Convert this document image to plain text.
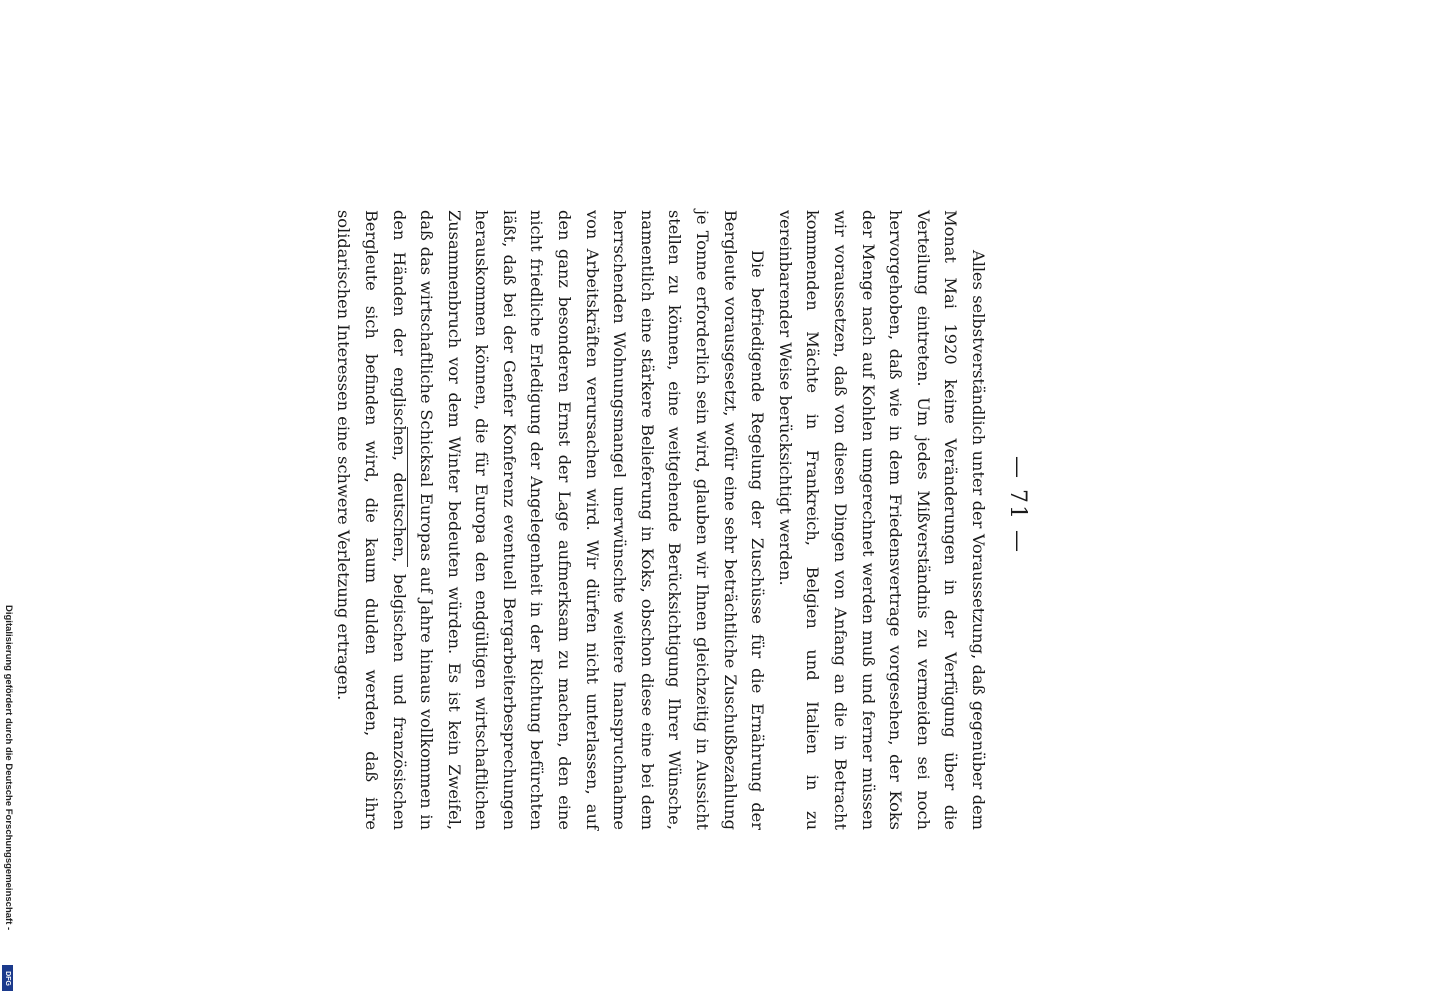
— 71 —

Alles selbstverständlich unter der Voraussetzung, daß gegenüber dem Monat Mai 1920 keine Veränderungen in der Verfügung über die Verteilung eintreten. Um jedes Mißverständnis zu vermeiden sei noch hervorgehoben, daß wie in dem Friedensvertrage vorgesehen, der Koks der Menge nach auf Kohlen umgerechnet werden muß und ferner müssen wir voraussetzen, daß von diesen Dingen von Anfang an die in Betracht kommenden Mächte in Frankreich, Belgien und Italien in zu vereinbarender Weise berücksichtigt werden.

Die befriedigende Regelung der Zuschüsse für die Ernährung der Bergleute vorausgesetzt, wofür eine sehr beträchtliche Zuschußbezahlung je Tonne erforderlich sein wird, glauben wir Ihnen gleichzeitig in Aussicht stellen zu können, eine weitgehende Berücksichtigung Ihrer Wünsche, namentlich eine stärkere Belieferung in Koks, obschon diese eine bei dem herrschenden Wohnungsmangel unerwünschte weitere Inanspruchnahme von Arbeitskräften verursachen wird. Wir dürfen nicht unterlassen, auf den ganz besonderen Ernst der Lage aufmerksam zu machen, den eine nicht friedliche Erledigung der Angelegenheit in der Richtung befürchten läßt, daß bei der Genfer Konferenz eventuell Bergarbeiterbesprechungen herauskommen können, die für Europa den endgültigen wirtschaftlichen Zusammenbruch vor dem Winter bedeuten würden. Es ist kein Zweifel, daß das wirtschaftliche Schicksal Europas auf Jahre hinaus vollkommen in den Händen der englischen, deutschen, belgischen und französischen Bergleute sich befinden wird, die kaum dulden werden, daß ihre solidarischen Interessen eine schwere Verletzung ertragen.

Digitalisierung gefördert durch die Deutsche Forschungsgemeinschaft -
DFG
